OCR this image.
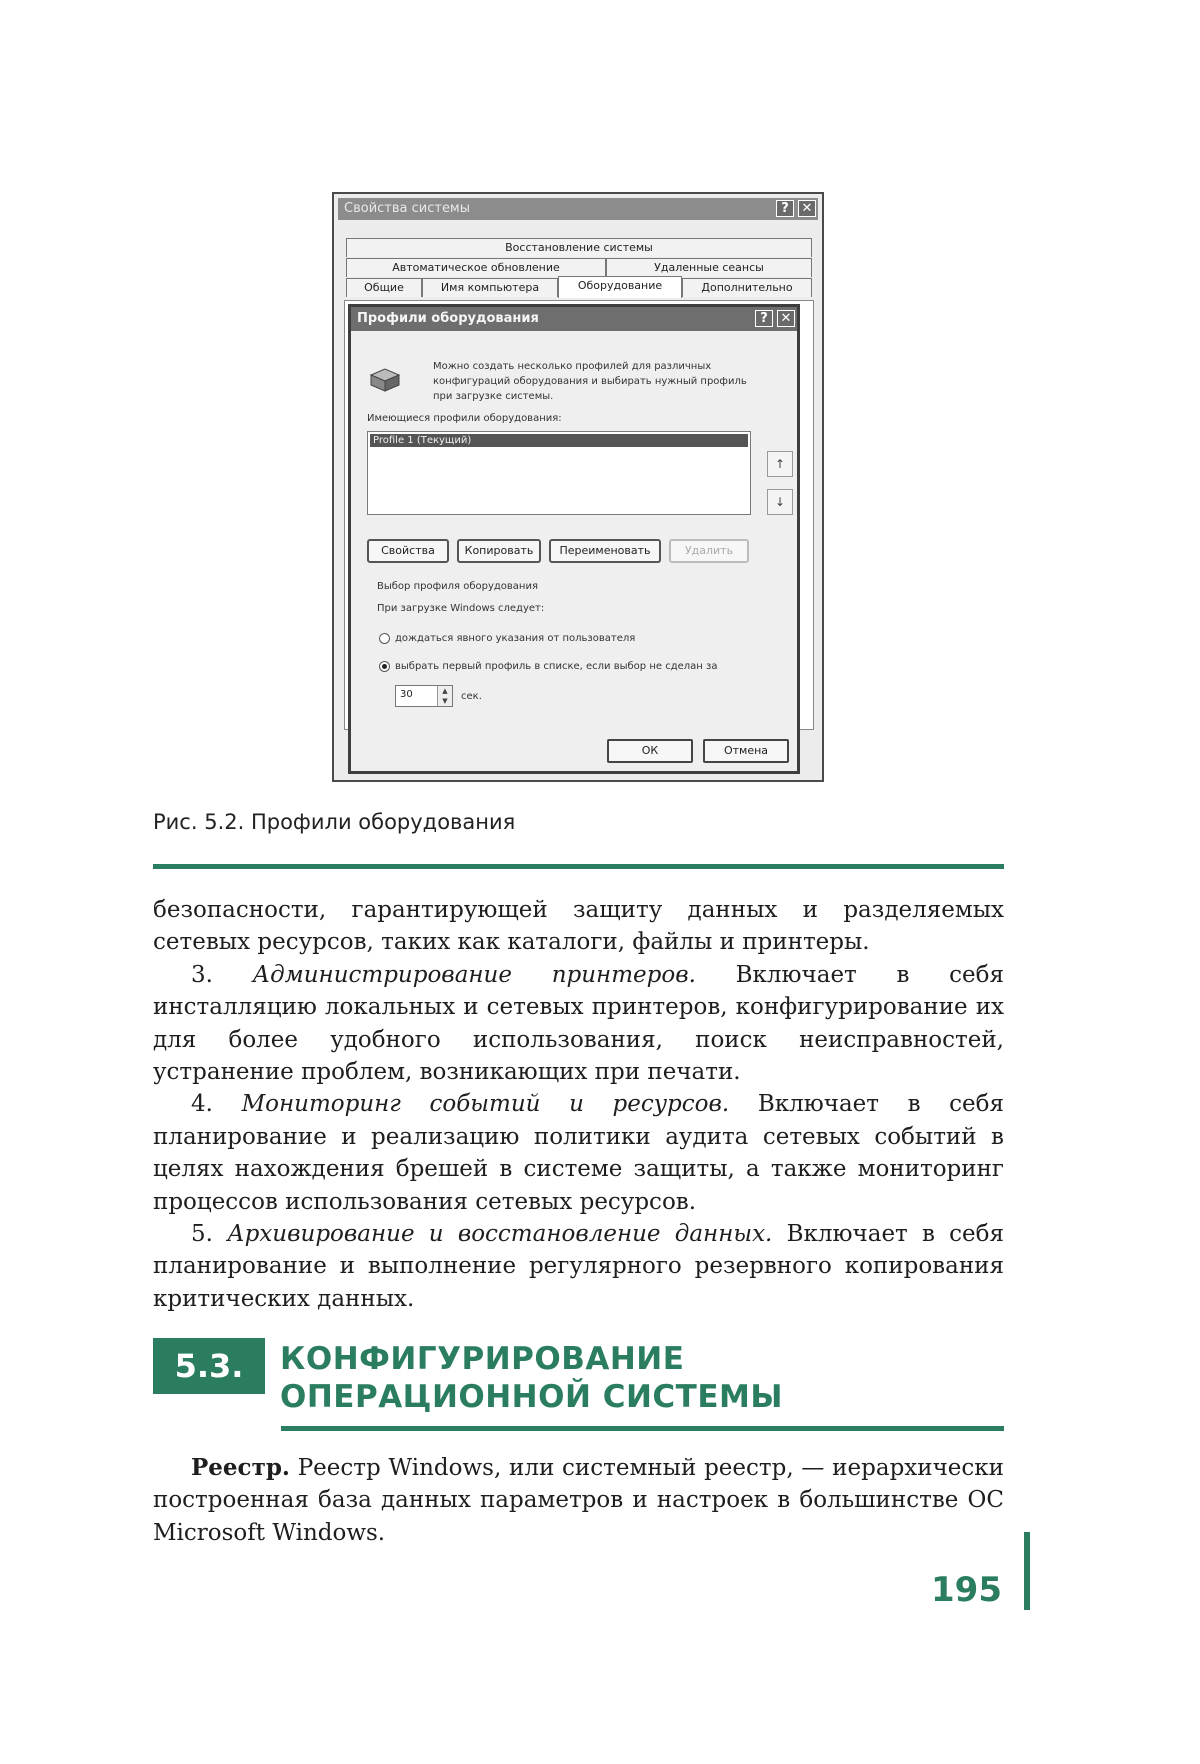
Свойства системы	? ✕
Восстановление системы
Автоматическое обновление	Удаленные сеансы
Общие	Имя компьютера	Оборудование	Дополнительно
Профили оборудования	? ✕
Можно создать несколько профилей для различных конфигураций оборудования и выбирать нужный профиль при загрузке системы.
Имеющиеся профили оборудования:
Profile 1 (Текущий)
↑
↓
Свойства	Копировать	Переименовать	Удалить
Выбор профиля оборудования
При загрузке Windows следует:
дождаться явного указания от пользователя
выбрать первый профиль в списке, если выбор не сделан за
30	▲
▼	сек.
ОК	Отмена
Рис. 5.2. Профили оборудования

безопасности, гарантирующей защиту данных и разделяемых сетевых ресурсов, таких как каталоги, файлы и принтеры.

3. Администрирование принтеров. Включает в себя инсталляцию локальных и сетевых принтеров, конфигурирование их для более удобного использования, поиск неисправностей, устранение проблем, возникающих при печати.

4. Мониторинг событий и ресурсов. Включает в себя планирование и реализацию политики аудита сетевых событий в целях нахождения брешей в системе защиты, а также мониторинг процессов использования сетевых ресурсов.

5. Архивирование и восстановление данных. Включает в себя планирование и выполнение регулярного резервного копирования критических данных.

5.3.	КОНФИГУРИРОВАНИЕ ОПЕРАЦИОННОЙ СИСТЕМЫ

Реестр. Реестр Windows, или системный реестр, — иерархически построенная база данных параметров и настроек в большинстве ОС Microsoft Windows.

195
